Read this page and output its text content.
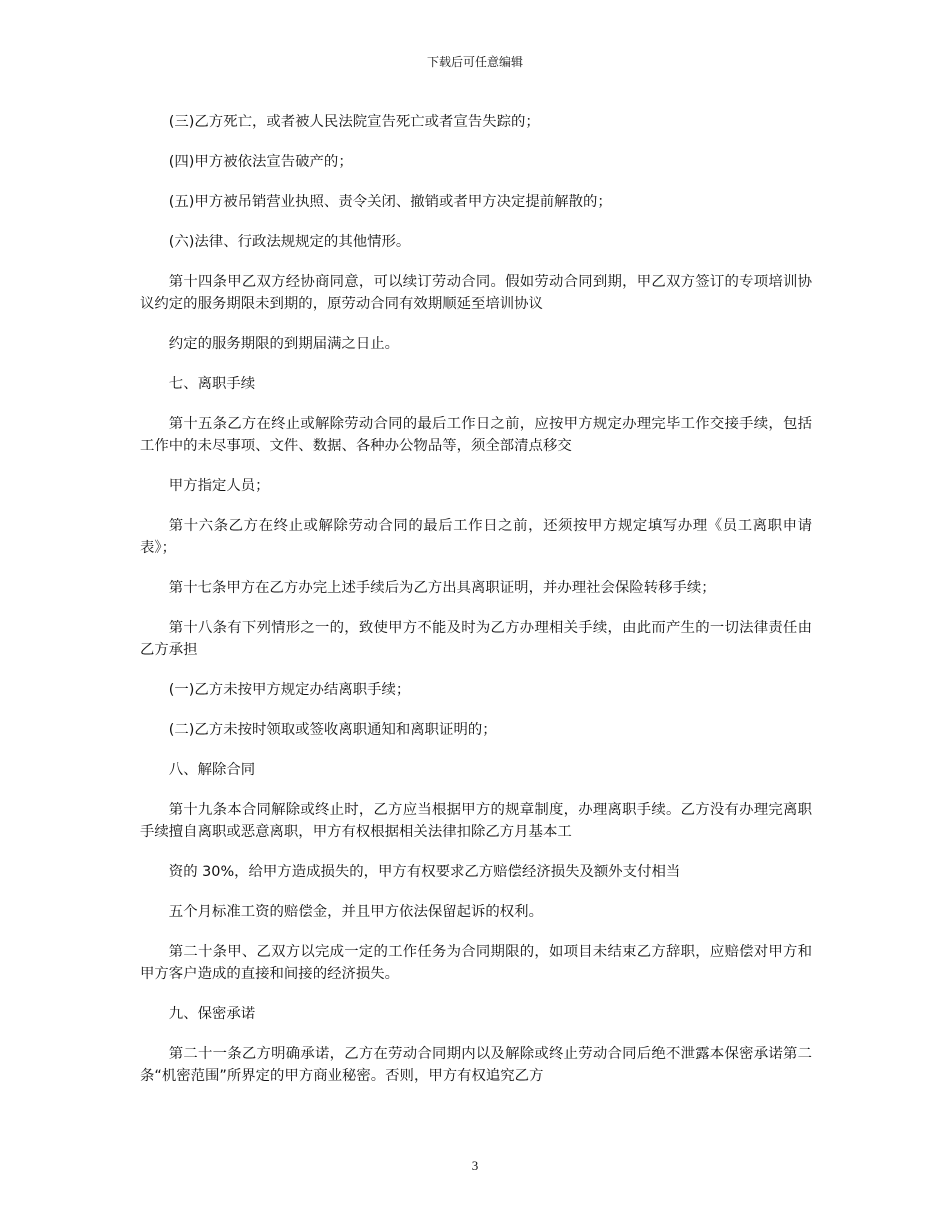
下载后可任意编辑

(三)乙方死亡，或者被人民法院宣告死亡或者宣告失踪的；

(四)甲方被依法宣告破产的；

(五)甲方被吊销营业执照、责令关闭、撤销或者甲方决定提前解散的；

(六)法律、行政法规规定的其他情形。

第十四条甲乙双方经协商同意，可以续订劳动合同。假如劳动合同到期，甲乙双方签订的专项培训协议约定的服务期限未到期的，原劳动合同有效期顺延至培训协议

约定的服务期限的到期届满之日止。

七、离职手续

第十五条乙方在终止或解除劳动合同的最后工作日之前，应按甲方规定办理完毕工作交接手续，包括工作中的未尽事项、文件、数据、各种办公物品等，须全部清点移交

甲方指定人员；

第十六条乙方在终止或解除劳动合同的最后工作日之前，还须按甲方规定填写办理《员工离职申请表》；

第十七条甲方在乙方办完上述手续后为乙方出具离职证明，并办理社会保险转移手续；

第十八条有下列情形之一的，致使甲方不能及时为乙方办理相关手续，由此而产生的一切法律责任由乙方承担

(一)乙方未按甲方规定办结离职手续；

(二)乙方未按时领取或签收离职通知和离职证明的；

八、解除合同

第十九条本合同解除或终止时，乙方应当根据甲方的规章制度，办理离职手续。乙方没有办理完离职手续擅自离职或恶意离职，甲方有权根据相关法律扣除乙方月基本工

资的 30%，给甲方造成损失的，甲方有权要求乙方赔偿经济损失及额外支付相当

五个月标准工资的赔偿金，并且甲方依法保留起诉的权利。

第二十条甲、乙双方以完成一定的工作任务为合同期限的，如项目未结束乙方辞职，应赔偿对甲方和甲方客户造成的直接和间接的经济损失。

九、保密承诺

第二十一条乙方明确承诺，乙方在劳动合同期内以及解除或终止劳动合同后绝不泄露本保密承诺第二条“机密范围”所界定的甲方商业秘密。否则，甲方有权追究乙方

3
